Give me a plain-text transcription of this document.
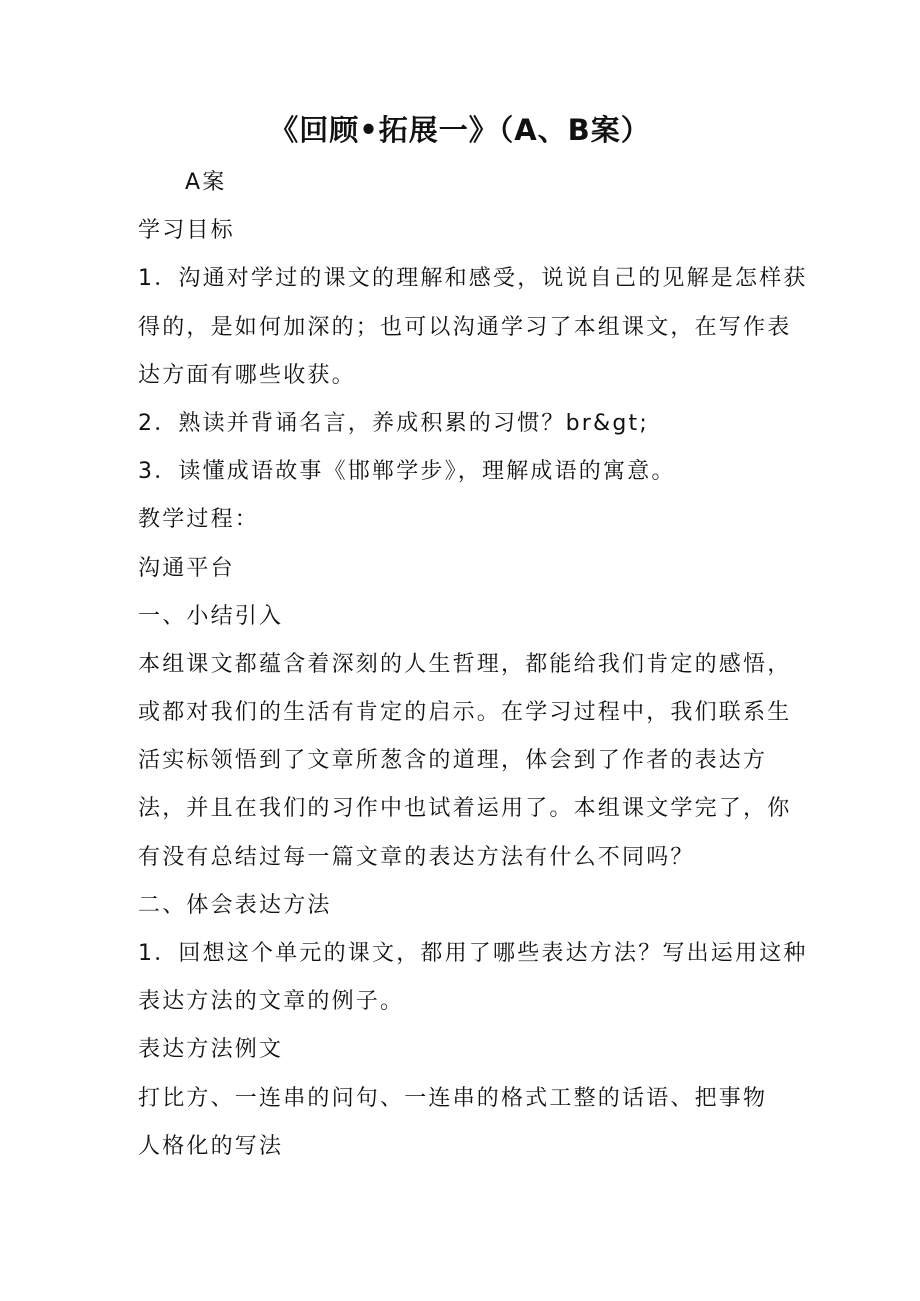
《回顾•拓展一》（A、B案）
A案
学习目标
1．沟通对学过的课文的理解和感受，说说自己的见解是怎样获
得的，是如何加深的；也可以沟通学习了本组课文，在写作表
达方面有哪些收获。
2．熟读并背诵名言，养成积累的习惯？br&gt;
3．读懂成语故事《邯郸学步》，理解成语的寓意。
教学过程：
沟通平台
一、小结引入
本组课文都蕴含着深刻的人生哲理，都能给我们肯定的感悟，
或都对我们的生活有肯定的启示。在学习过程中，我们联系生
活实标领悟到了文章所葱含的道理，体会到了作者的表达方
法，并且在我们的习作中也试着运用了。本组课文学完了，你
有没有总结过每一篇文章的表达方法有什么不同吗？
二、体会表达方法
1．回想这个单元的课文，都用了哪些表达方法？写出运用这种
表达方法的文章的例子。
表达方法例文
打比方、一连串的问句、一连串的格式工整的话语、把事物
人格化的写法
